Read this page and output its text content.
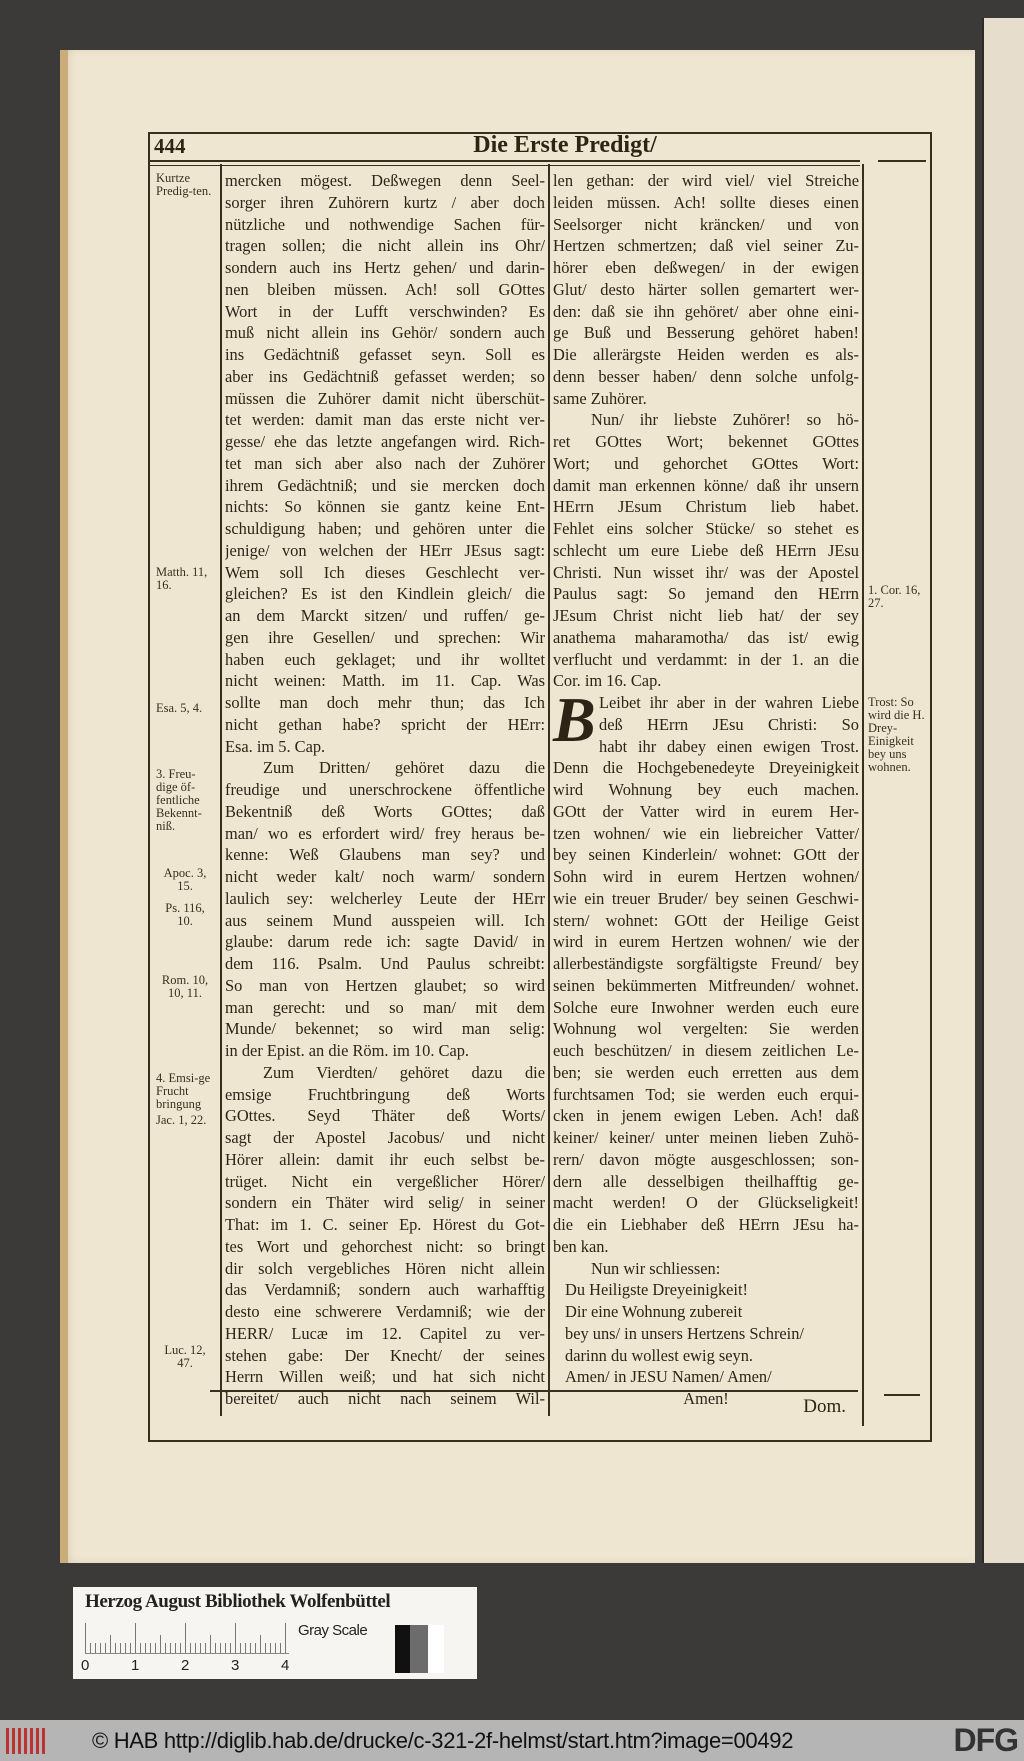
444	Die Erste Predigt/
mercken mögest. Deßwegen denn Seel-
sorger ihren Zuhörern kurtz / aber doch
nützliche und nothwendige Sachen für-
tragen sollen; die nicht allein ins Ohr/
sondern auch ins Hertz gehen/ und darin-
nen bleiben müssen. Ach! soll GOttes
Wort in der Lufft verschwinden? Es
muß nicht allein ins Gehör/ sondern auch
ins Gedächtniß gefasset seyn. Soll es
aber ins Gedächtniß gefasset werden; so
müssen die Zuhörer damit nicht überschüt-
tet werden: damit man das erste nicht ver-
gesse/ ehe das letzte angefangen wird. Rich-
tet man sich aber also nach der Zuhörer
ihrem Gedächtniß; und sie mercken doch
nichts: So können sie gantz keine Ent-
schuldigung haben; und gehören unter die
jenige/ von welchen der HErr JEsus sagt:
Wem soll Ich dieses Geschlecht ver-
gleichen? Es ist den Kindlein gleich/ die
an dem Marckt sitzen/ und ruffen/ ge-
gen ihre Gesellen/ und sprechen: Wir
haben euch geklaget; und ihr wolltet
nicht weinen: Matth. im 11. Cap. Was
sollte man doch mehr thun; das Ich
nicht gethan habe? spricht der HErr:
Esa. im 5. Cap.
Zum Dritten/ gehöret dazu die
freudige und unerschrockene öffentliche
Bekentniß deß Worts GOttes; daß
man/ wo es erfordert wird/ frey heraus be-
kenne: Weß Glaubens man sey? und
nicht weder kalt/ noch warm/ sondern
laulich sey: welcherley Leute der HErr
aus seinem Mund ausspeien will. Ich
glaube: darum rede ich: sagte David/ in
dem 116. Psalm. Und Paulus schreibt:
So man von Hertzen glaubet; so wird
man gerecht: und so man/ mit dem
Munde/ bekennet; so wird man selig:
in der Epist. an die Röm. im 10. Cap.
Zum Vierdten/ gehöret dazu die
emsige Fruchtbringung deß Worts
GOttes. Seyd Thäter deß Worts/
sagt der Apostel Jacobus/ und nicht
Hörer allein: damit ihr euch selbst be-
trüget. Nicht ein vergeßlicher Hörer/
sondern ein Thäter wird selig/ in seiner
That: im 1. C. seiner Ep. Hörest du Got-
tes Wort und gehorchest nicht: so bringt
dir solch vergebliches Hören nicht allein
das Verdamniß; sondern auch warhafftig
desto eine schwerere Verdamniß; wie der
HERR/ Lucæ im 12. Capitel zu ver-
stehen gabe: Der Knecht/ der seines
Herrn Willen weiß; und hat sich nicht
bereitet/ auch nicht nach seinem Wil-
len gethan: der wird viel/ viel Streiche
leiden müssen. Ach! sollte dieses einen
Seelsorger nicht kräncken/ und von
Hertzen schmertzen; daß viel seiner Zu-
hörer eben deßwegen/ in der ewigen
Glut/ desto härter sollen gemartert wer-
den: daß sie ihn gehöret/ aber ohne eini-
ge Buß und Besserung gehöret haben!
Die allerärgste Heiden werden es als-
denn besser haben/ denn solche unfolg-
same Zuhörer.
Nun/ ihr liebste Zuhörer! so hö-
ret GOttes Wort; bekennet GOttes
Wort; und gehorchet GOttes Wort:
damit man erkennen könne/ daß ihr unsern
HErrn JEsum Christum lieb habet.
Fehlet eins solcher Stücke/ so stehet es
schlecht um eure Liebe deß HErrn JEsu
Christi. Nun wisset ihr/ was der Apostel
Paulus sagt: So jemand den HErrn
JEsum Christ nicht lieb hat/ der sey
anathema maharamotha/ das ist/ ewig
verflucht und verdammt: in der 1. an die
Cor. im 16. Cap.
B Leibet ihr aber in der wahren Liebe
deß HErrn JEsu Christi: So
habt ihr dabey einen ewigen Trost.
Denn die Hochgebenedeyte Dreyeinigkeit
wird Wohnung bey euch machen.
GOtt der Vatter wird in eurem Her-
tzen wohnen/ wie ein liebreicher Vatter/
bey seinen Kinderlein/ wohnet: GOtt der
Sohn wird in eurem Hertzen wohnen/
wie ein treuer Bruder/ bey seinen Geschwi-
stern/ wohnet: GOtt der Heilige Geist
wird in eurem Hertzen wohnen/ wie der
allerbeständigste sorgfältigste Freund/ bey
seinen bekümmerten Mitfreunden/ wohnet.
Solche eure Inwohner werden euch eure
Wohnung wol vergelten: Sie werden
euch beschützen/ in diesem zeitlichen Le-
ben; sie werden euch erretten aus dem
furchtsamen Tod; sie werden euch erqui-
cken in jenem ewigen Leben. Ach! daß
keiner/ keiner/ unter meinen lieben Zuhö-
rern/ davon mögte ausgeschlossen; son-
dern alle desselbigen theilhafftig ge-
macht werden! O der Glückseligkeit!
die ein Liebhaber deß HErrn JEsu ha-
ben kan.
Nun wir schliessen:
Du Heiligste Dreyeinigkeit!
Dir eine Wohnung zubereit
bey uns/ in unsers Hertzens Schrein/
darinn du wollest ewig seyn.
Amen/ in JESU Namen/ Amen/
Amen!
Kurtze Predig-ten.
Matth. 11, 16.
Esa. 5, 4.
3. Freu-dige öf-fentliche Bekennt-niß.
Apoc. 3, 15.
Ps. 116, 10.
Rom. 10, 10, 11.
4. Emsi-ge Frucht bringung
Jac. 1, 22.
Luc. 12, 47.
1. Cor. 16, 27.
Trost: So wird die H. Drey-Einigkeit bey uns wohnen.
Dom.
Herzog August Bibliothek Wolfenbüttel
0	1	2	3	4
Gray Scale
© HAB http://diglib.hab.de/drucke/c-321-2f-helmst/start.htm?image=00492	DFG
